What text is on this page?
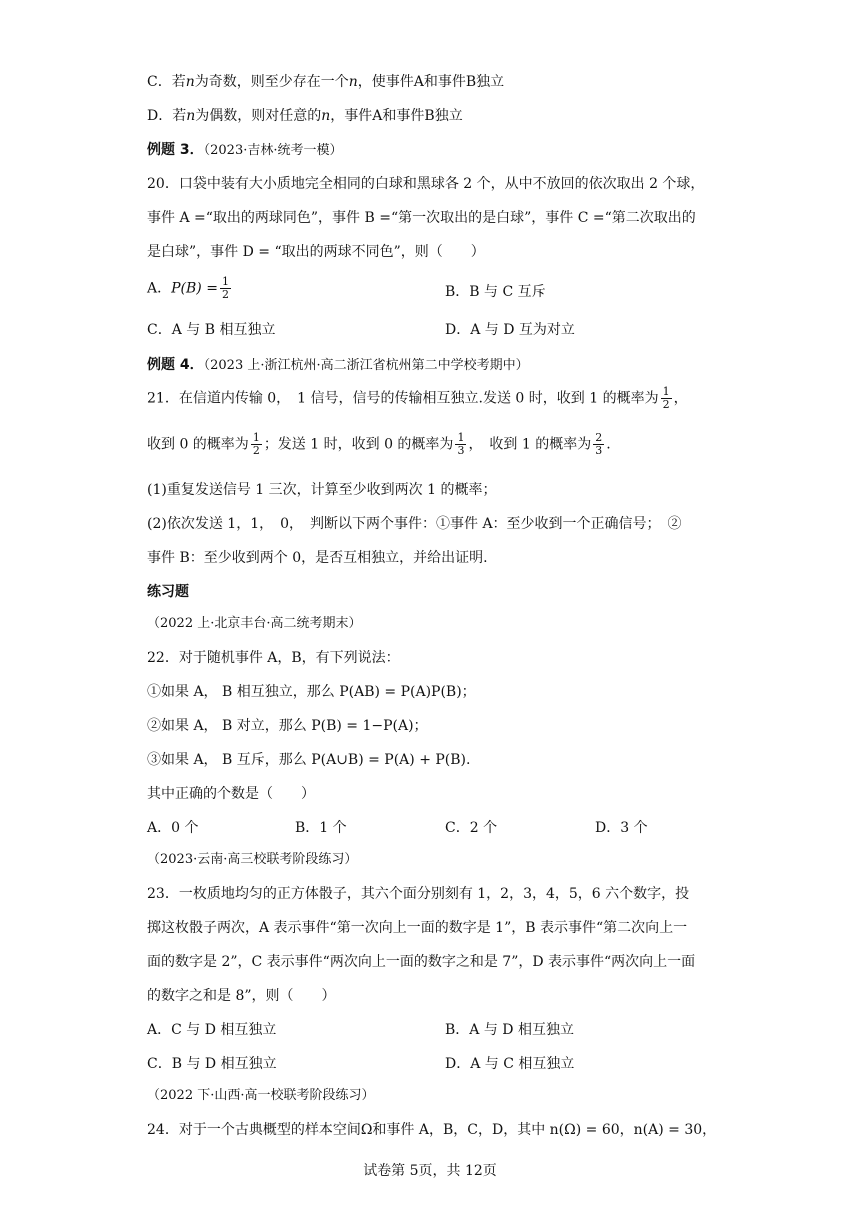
C．若n为奇数，则至少存在一个n，使事件A和事件B独立
D．若n为偶数，则对任意的n，事件A和事件B独立
例题 3．（2023·吉林·统考一模）
20．口袋中装有大小质地完全相同的白球和黑球各 2 个，从中不放回的依次取出 2 个球，
事件 A =“取出的两球同色”，事件 B =“第一次取出的是白球”，事件 C =“第二次取出的
是白球”，事件 D = “取出的两球不同色”，则（　　）
A．$P(B) = \frac{1}{2}$	B．B 与 C 互斥
C．A 与 B 相互独立	D．A 与 D 互为对立
例题 4．（2023 上·浙江杭州·高二浙江省杭州第二中学校考期中）
21．在信道内传输 0，　1 信号，信号的传输相互独立.发送 0 时，收到 1 的概率为 $\frac{1}{2}$ ，
收到 0 的概率为 $\frac{1}{2}$ ；发送 1 时，收到 0 的概率为 $\frac{1}{3}$ ，　收到 1 的概率为 $\frac{2}{3}$ .
(1)重复发送信号 1 三次，计算至少收到两次 1 的概率；
(2)依次发送 1，1，　0，　判断以下两个事件：①事件 A：至少收到一个正确信号；　②
事件 B：至少收到两个 0，是否互相独立，并给出证明.
练习题
（2022 上·北京丰台·高二统考期末）
22．对于随机事件 A，B，有下列说法：
①如果 A， B 相互独立，那么 P(AB) = P(A)P(B)；
②如果 A， B 对立，那么 P(B) = 1−P(A)；
③如果 A， B 互斥，那么 P(A∪B) = P(A) + P(B).
其中正确的个数是（　　）
A．0 个	B．1 个	C．2 个	D．3 个
（2023·云南·高三校联考阶段练习）
23．一枚质地均匀的正方体骰子，其六个面分别刻有 1，2，3，4，5，6 六个数字，投
掷这枚骰子两次，A 表示事件“第一次向上一面的数字是 1”，B 表示事件“第二次向上一
面的数字是 2”，C 表示事件“两次向上一面的数字之和是 7”，D 表示事件“两次向上一面
的数字之和是 8”，则（　　）
A．C 与 D 相互独立	B．A 与 D 相互独立
C．B 与 D 相互独立	D．A 与 C 相互独立
（2022 下·山西·高一校联考阶段练习）
24．对于一个古典概型的样本空间Ω和事件 A，B，C，D，其中 n(Ω) = 60，n(A) = 30，
试卷第 5页，共 12页
